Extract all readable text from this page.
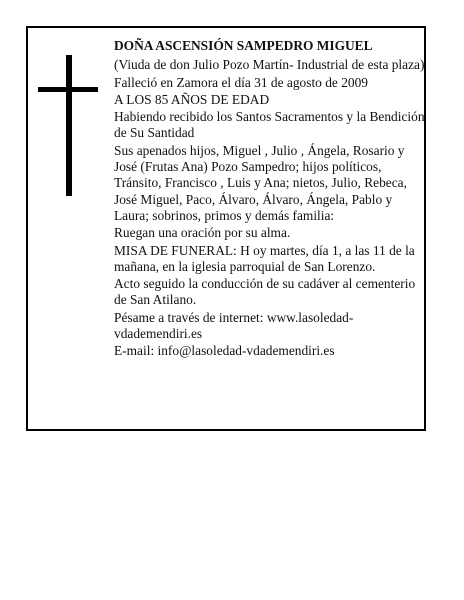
DOÑA ASCENSIÓN SAMPEDRO MIGUEL

(Viuda de don Julio Pozo Martín- Industrial de esta plaza)

Falleció en Zamora el día 31 de agosto de 2009

A LOS 85 AÑOS DE EDAD

Habiendo recibido los Santos Sacramentos y la Bendición de Su Santidad

Sus apenados hijos, Miguel , Julio , Ángela, Rosario y José (Frutas Ana) Pozo Sampedro; hijos políticos, Tránsito, Francisco , Luis y Ana; nietos, Julio, Rebeca, José Miguel, Paco, Álvaro, Álvaro, Ángela, Pablo y Laura; sobrinos, primos y demás familia:

Ruegan una oración por su alma.

MISA DE FUNERAL: H oy martes, día 1, a las 11 de la mañana, en la iglesia parroquial de San Lorenzo.

Acto seguido la conducción de su cadáver al cementerio de San Atilano.

Pésame a través de internet: www.lasoledad-vdademendiri.es

E-mail: info@lasoledad-vdademendiri.es
